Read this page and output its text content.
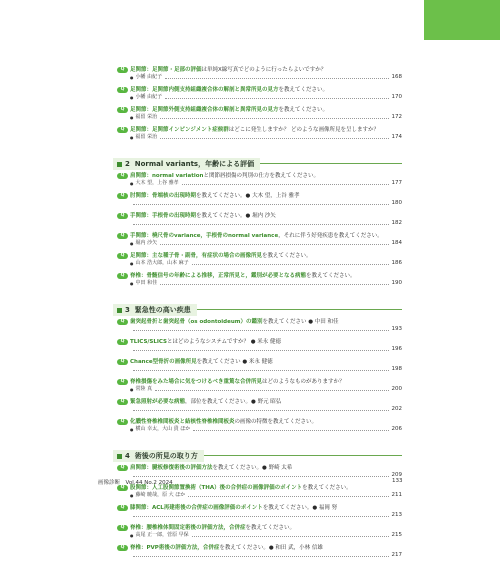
Q	足関節：足関節・足部の評価は単純X線写真でどのように行ったらよいですか？
● 小幡 由紀子	168
Q	足関節：足関節内側支持組織複合体の解剖と異常所見の見方を教えてください。
● 小幡 由紀子	170
Q	足関節：足関節外側支持組織複合体の解剖と異常所見の見方を教えてください。
● 福留 栄治	172
Q	足関節：足関節インピンジメント症候群はどこに発生しますか？ どのような画像所見を呈しますか？
● 福留 栄治	174
2 Normal variants，年齢による評価
Q	肩関節：normal variationと関節唇損傷の判別の仕方を教えてください。
● 大木 望，上谷 雅孝	177
Q	肘関節：骨端核の出現時期を教えてください。● 大木 望，上谷 雅孝
180
Q	手関節：手根骨の出現時期を教えてください。● 堀内 沙矢
182
Q	手関節：橈尺骨のvariance，手根骨のnormal variance，それに伴う好発疾患を教えてください。
● 堀内 沙矢	184
Q	足関節：主な種子骨・副骨，有症状の場合の画像所見を教えてください。
● 山本 浩大郎，山本 麻子	186
Q	脊椎：骨髄信号の年齢による推移，正常所見と，鑑別が必要となる病態を教えてください。
● 中田 和佳	190
3 緊急性の高い疾患
Q	歯突起骨折と歯突起骨（os odontoideum）の鑑別を教えてください ● 中田 和佳
193
Q	TLICS/SLICSとはどのようなシステムですか？ ● 米永 健徳
196
Q	Chance型骨折の画像所見を教えてください ● 米永 健徳
198
Q	脊椎損傷をみた場合に気をつけるべき重篤な合併所見はどのようなものがありますか？
● 常陸 真	200
Q	緊急照射が必要な病態，部位を教えてください。● 野元 昭弘
202
Q	化膿性脊椎椎間板炎と結核性脊椎椎間板炎の画像の特徴を教えてください。
● 横山 幸太，大山 貴 ほか	206
4 術後の所見の取り方
Q	肩関節：腱板修復術後の評価方法を教えてください。● 野崎 太希
209
Q	股関節：人工股関節置換術（THA）後の合併症の画像評価のポイントを教えてください。
● 藤崎 暁哉，原 大 ほか	211
Q	膝関節：ACL再建術後の合併症の画像評価のポイントを教えてください。● 福岡 努
213
Q	脊椎：腰椎椎体間固定術後の評価方法，合併症を教えてください。
● 高尾 正一郎，菅原 早保	215
Q	脊椎：PVP術後の評価方法，合併症を教えてください。● 和田 武，小林 信雄
217
画像診断　Vol.44 No.2 2024	133
